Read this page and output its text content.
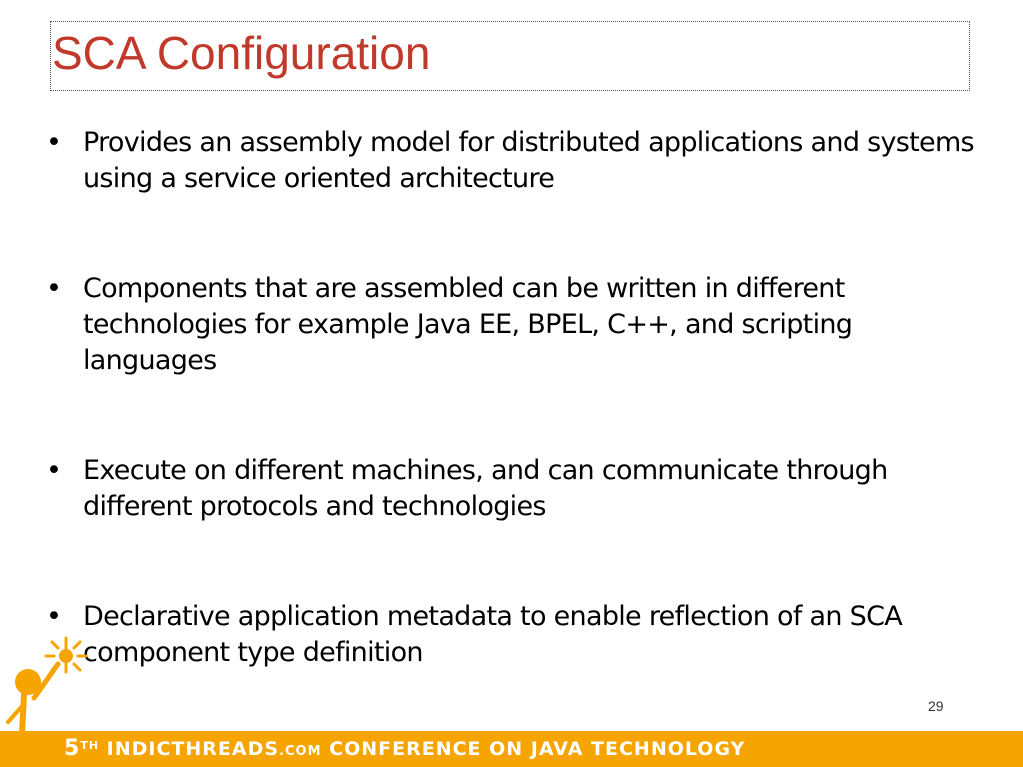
SCA Configuration
• Provides an assembly model for distributed applications and systems using a service oriented architecture
• Components that are assembled can be written in different technologies for example Java EE, BPEL, C++, and scripting languages
• Execute on different machines, and can communicate through different protocols and technologies
• Declarative application metadata to enable reflection of an SCA component type definition
29
5TH INDICTHREADS.COM CONFERENCE ON JAVA TECHNOLOGY
